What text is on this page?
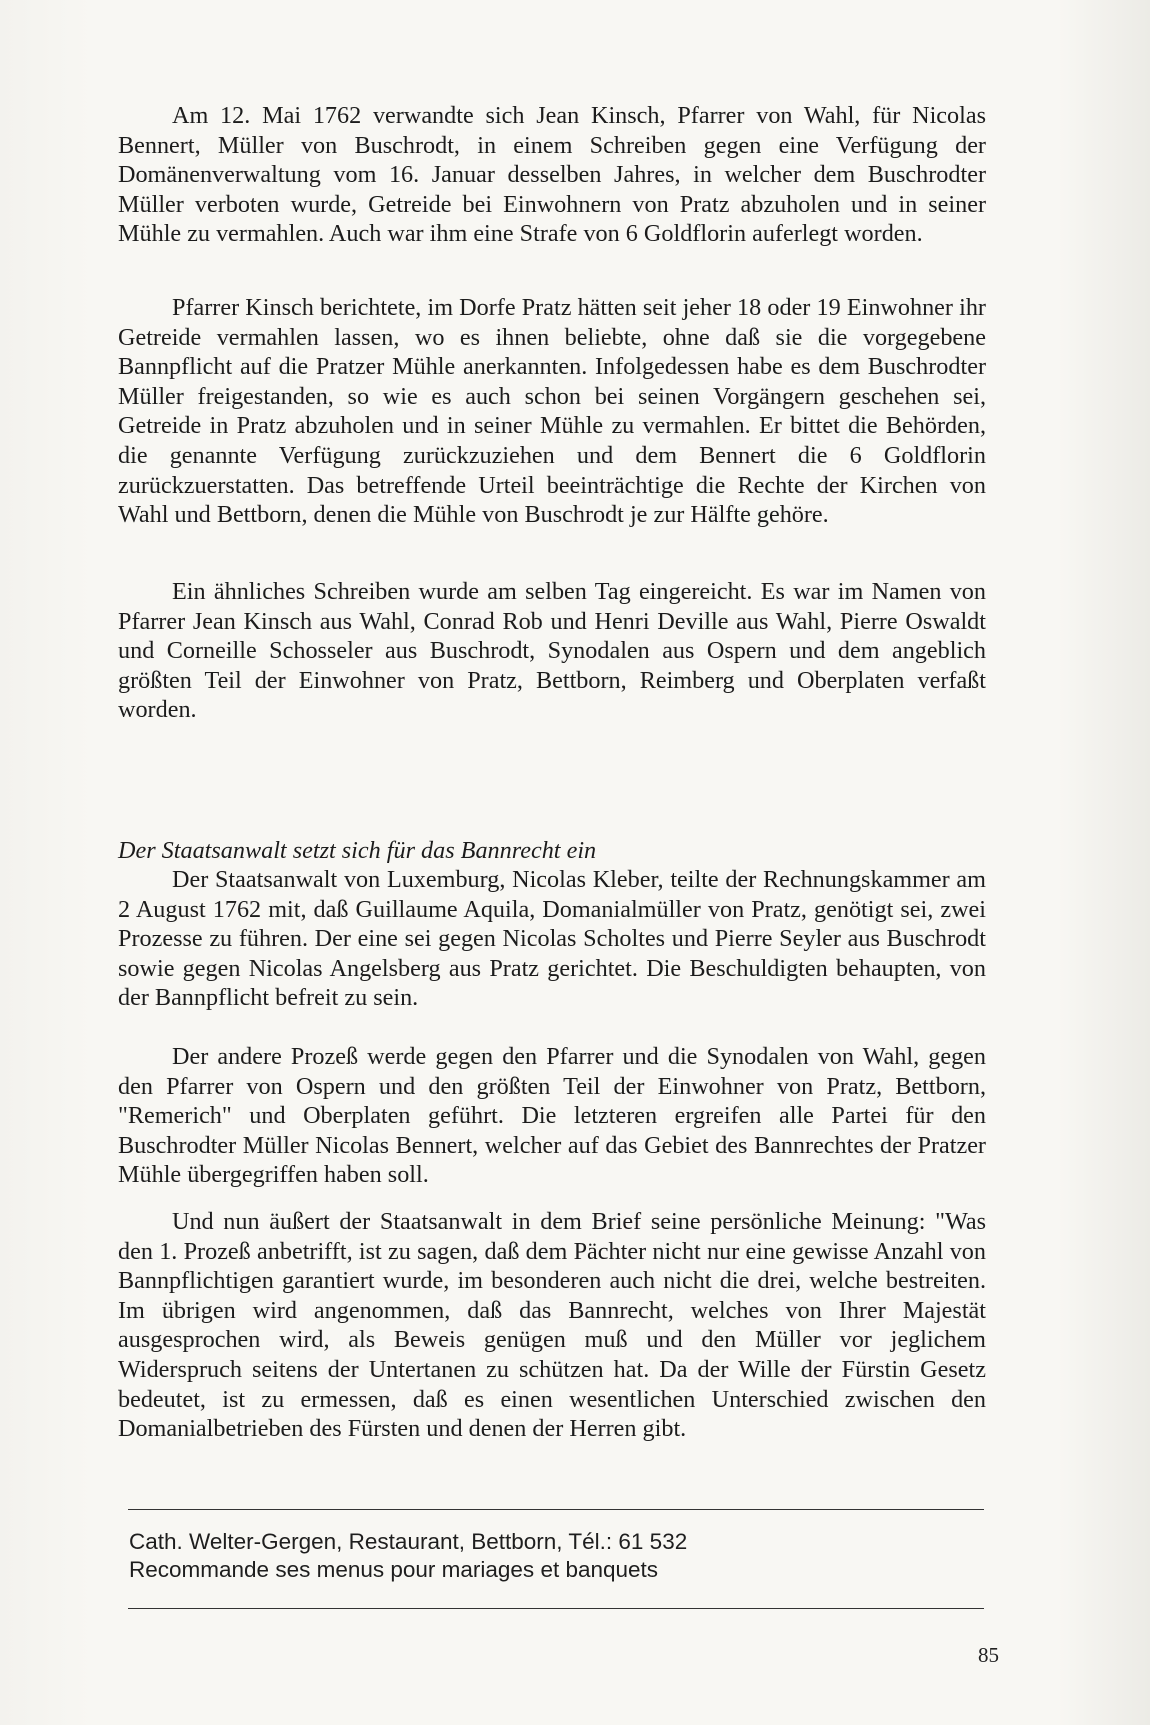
Am 12. Mai 1762 verwandte sich Jean Kinsch, Pfarrer von Wahl, für Nicolas Bennert, Müller von Buschrodt, in einem Schreiben gegen eine Verfügung der Domänenverwaltung vom 16. Januar desselben Jahres, in welcher dem Buschrodter Müller verboten wurde, Getreide bei Einwohnern von Pratz abzuholen und in seiner Mühle zu vermahlen. Auch war ihm eine Strafe von 6 Goldflorin auferlegt worden.

Pfarrer Kinsch berichtete, im Dorfe Pratz hätten seit jeher 18 oder 19 Einwohner ihr Getreide vermahlen lassen, wo es ihnen beliebte, ohne daß sie die vorgegebene Bannpflicht auf die Pratzer Mühle anerkannten. Infolgedessen habe es dem Buschrodter Müller freigestanden, so wie es auch schon bei seinen Vorgängern geschehen sei, Getreide in Pratz abzuholen und in seiner Mühle zu vermahlen. Er bittet die Behörden, die genannte Verfügung zurückzuziehen und dem Bennert die 6 Goldflorin zurückzuerstatten. Das betreffende Urteil beeinträchtige die Rechte der Kirchen von Wahl und Bettborn, denen die Mühle von Buschrodt je zur Hälfte gehöre.

Ein ähnliches Schreiben wurde am selben Tag eingereicht. Es war im Namen von Pfarrer Jean Kinsch aus Wahl, Conrad Rob und Henri Deville aus Wahl, Pierre Oswaldt und Corneille Schosseler aus Buschrodt, Synodalen aus Ospern und dem angeblich größten Teil der Einwohner von Pratz, Bettborn, Reimberg und Oberplaten verfaßt worden.

Der Staatsanwalt setzt sich für das Bannrecht ein

Der Staatsanwalt von Luxemburg, Nicolas Kleber, teilte der Rechnungskammer am 2 August 1762 mit, daß Guillaume Aquila, Domanialmüller von Pratz, genötigt sei, zwei Prozesse zu führen. Der eine sei gegen Nicolas Scholtes und Pierre Seyler aus Buschrodt sowie gegen Nicolas Angelsberg aus Pratz gerichtet. Die Beschuldigten behaupten, von der Bannpflicht befreit zu sein.

Der andere Prozeß werde gegen den Pfarrer und die Synodalen von Wahl, gegen den Pfarrer von Ospern und den größten Teil der Einwohner von Pratz, Bettborn, "Remerich" und Oberplaten geführt. Die letzteren ergreifen alle Partei für den Buschrodter Müller Nicolas Bennert, welcher auf das Gebiet des Bannrechtes der Pratzer Mühle übergegriffen haben soll.

Und nun äußert der Staatsanwalt in dem Brief seine persönliche Meinung: "Was den 1. Prozeß anbetrifft, ist zu sagen, daß dem Pächter nicht nur eine gewisse Anzahl von Bannpflichtigen garantiert wurde, im besonderen auch nicht die drei, welche bestreiten. Im übrigen wird angenommen, daß das Bannrecht, welches von Ihrer Majestät ausgesprochen wird, als Beweis genügen muß und den Müller vor jeglichem Widerspruch seitens der Untertanen zu schützen hat. Da der Wille der Fürstin Gesetz bedeutet, ist zu ermessen, daß es einen wesentlichen Unterschied zwischen den Domanialbetrieben des Fürsten und denen der Herren gibt.

Cath. Welter-Gergen, Restaurant, Bettborn, Tél.: 61 532
Recommande ses menus pour mariages et banquets
85
